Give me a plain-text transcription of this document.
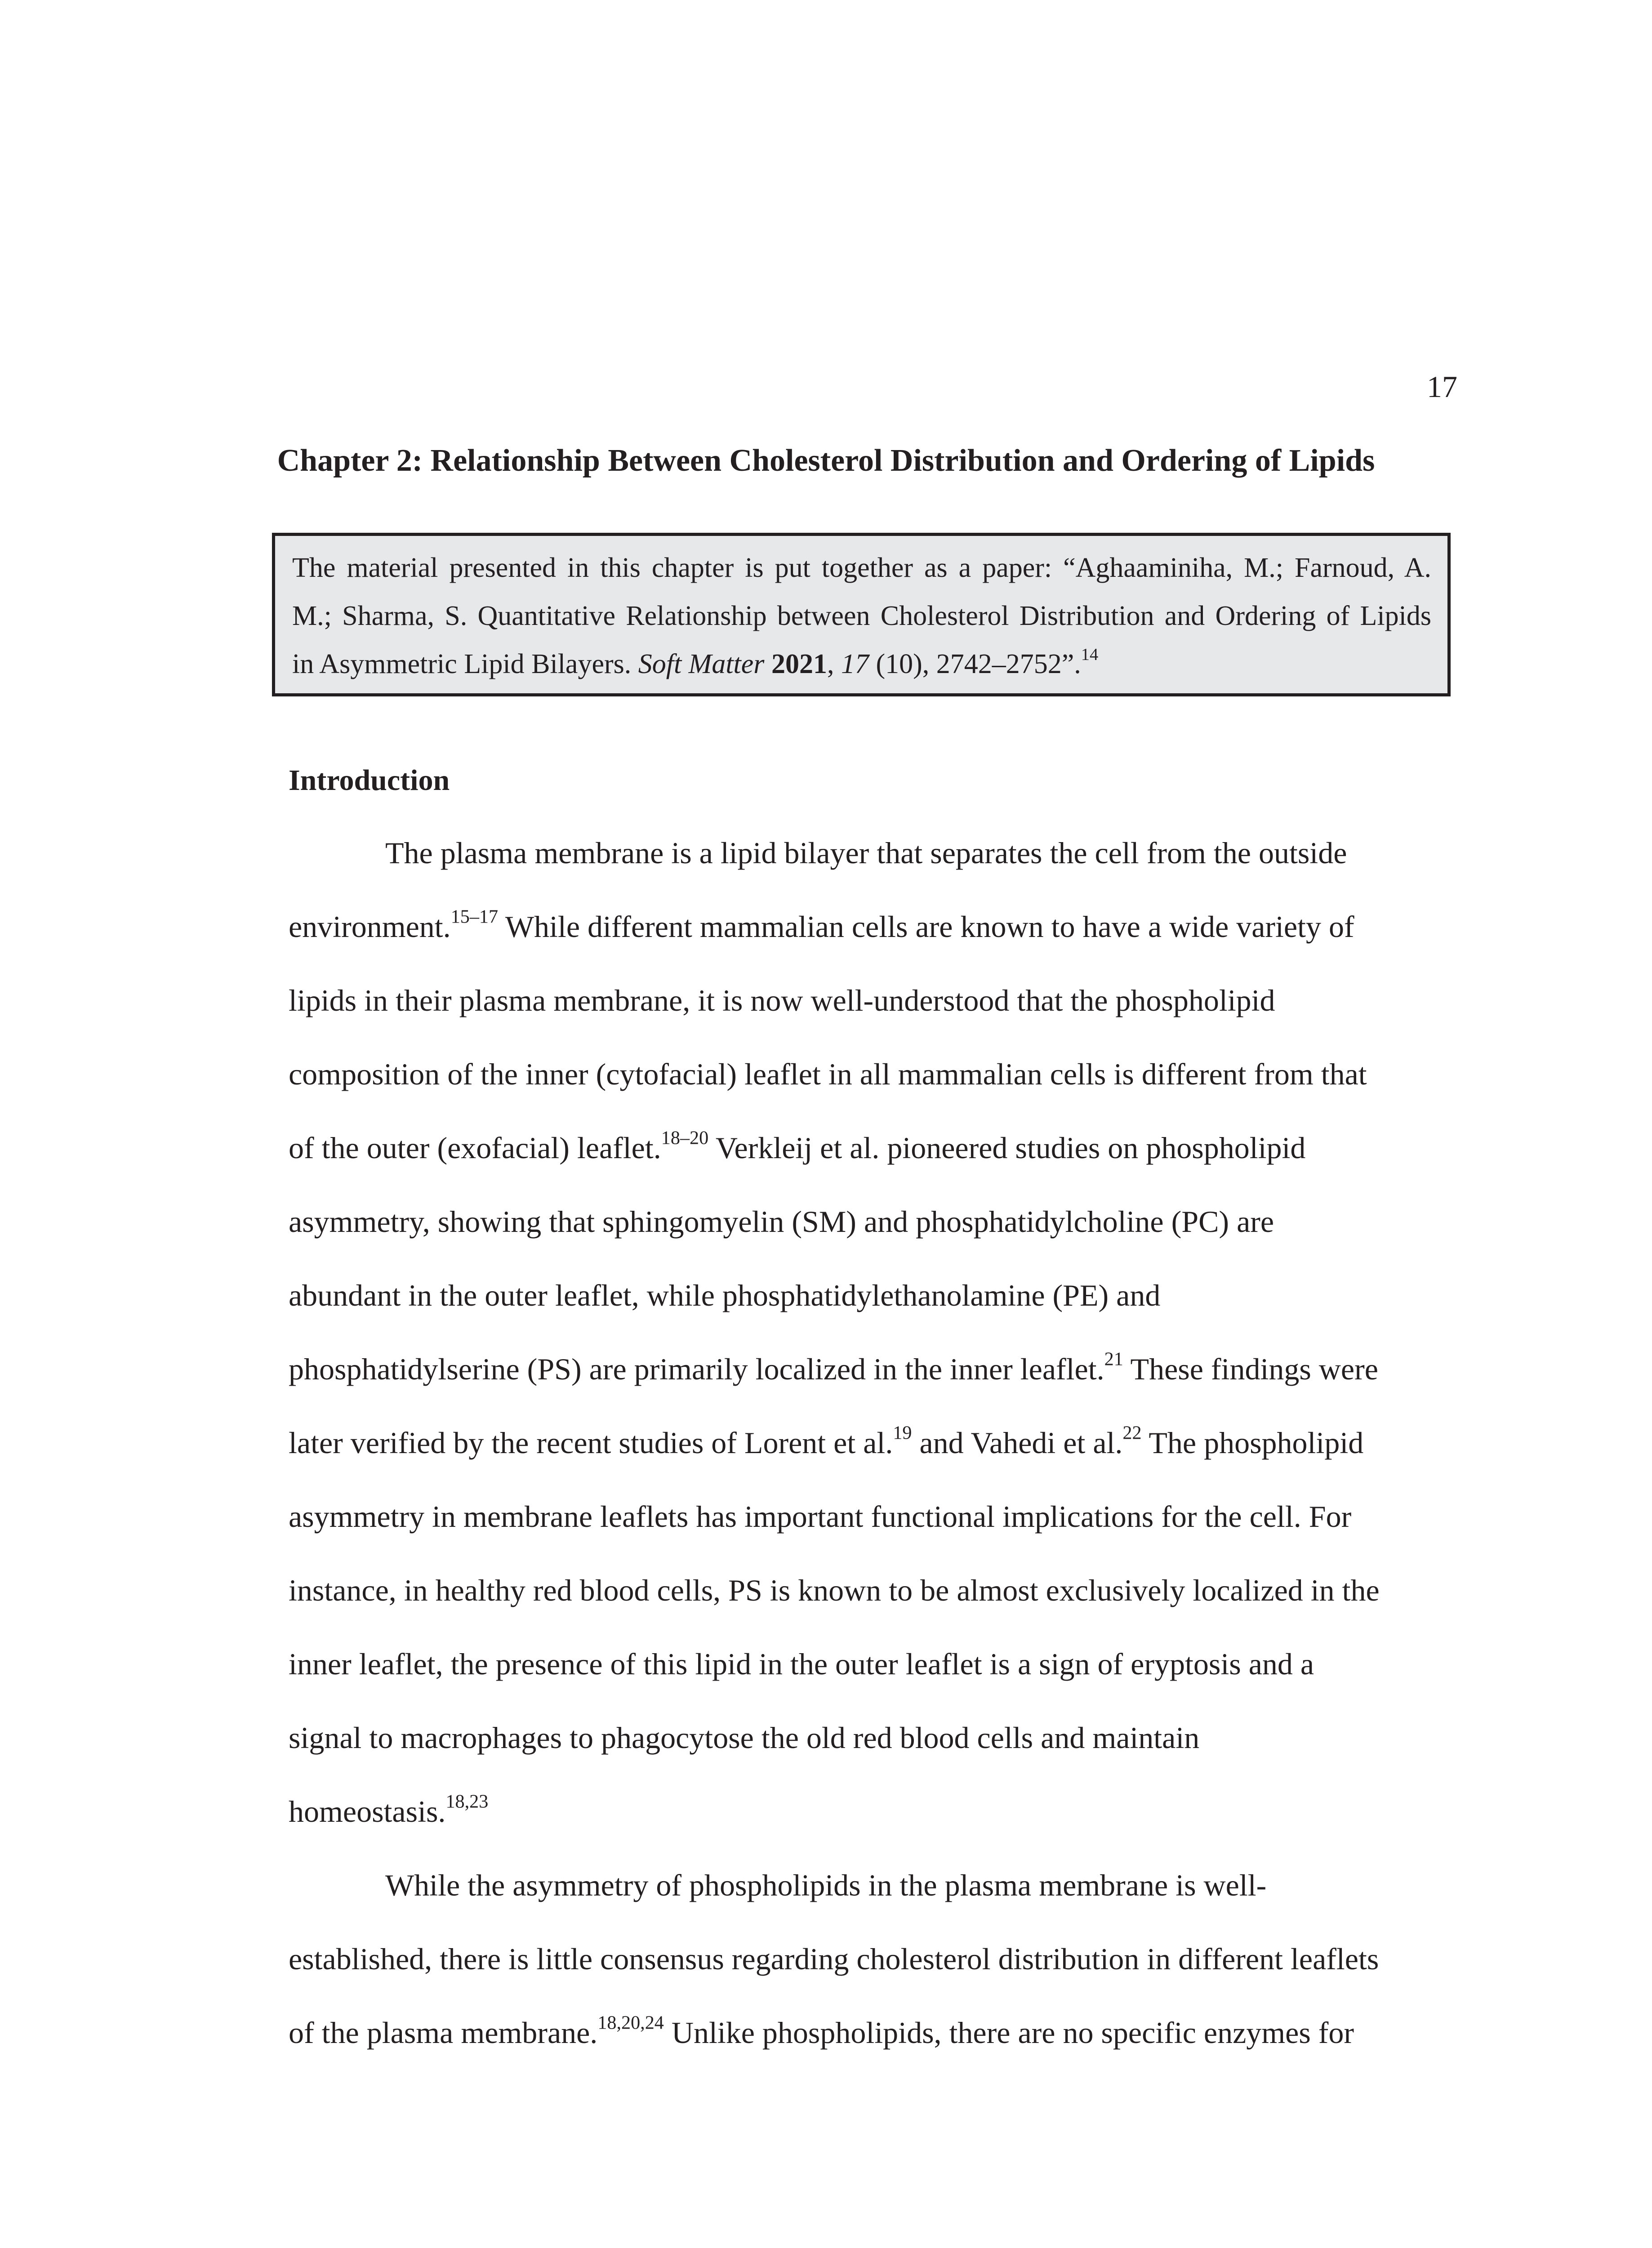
17
Chapter 2: Relationship Between Cholesterol Distribution and Ordering of Lipids
The material presented in this chapter is put together as a paper: “Aghaaminiha, M.; Farnoud, A.
M.; Sharma, S. Quantitative Relationship between Cholesterol Distribution and Ordering of Lipids
in Asymmetric Lipid Bilayers. Soft Matter 2021, 17 (10), 2742–2752”.$^{14}$
Introduction
The plasma membrane is a lipid bilayer that separates the cell from the outside
environment.$^{15-17}$ While different mammalian cells are known to have a wide variety of
lipids in their plasma membrane, it is now well-understood that the phospholipid
composition of the inner (cytofacial) leaflet in all mammalian cells is different from that
of the outer (exofacial) leaflet.$^{18-20}$ Verkleij et al. pioneered studies on phospholipid
asymmetry, showing that sphingomyelin (SM) and phosphatidylcholine (PC) are
abundant in the outer leaflet, while phosphatidylethanolamine (PE) and
phosphatidylserine (PS) are primarily localized in the inner leaflet.$^{21}$ These findings were
later verified by the recent studies of Lorent et al.$^{19}$ and Vahedi et al.$^{22}$ The phospholipid
asymmetry in membrane leaflets has important functional implications for the cell. For
instance, in healthy red blood cells, PS is known to be almost exclusively localized in the
inner leaflet, the presence of this lipid in the outer leaflet is a sign of eryptosis and a
signal to macrophages to phagocytose the old red blood cells and maintain
homeostasis.$^{18,23}$
While the asymmetry of phospholipids in the plasma membrane is well-
established, there is little consensus regarding cholesterol distribution in different leaflets
of the plasma membrane.$^{18,20,24}$ Unlike phospholipids, there are no specific enzymes for
